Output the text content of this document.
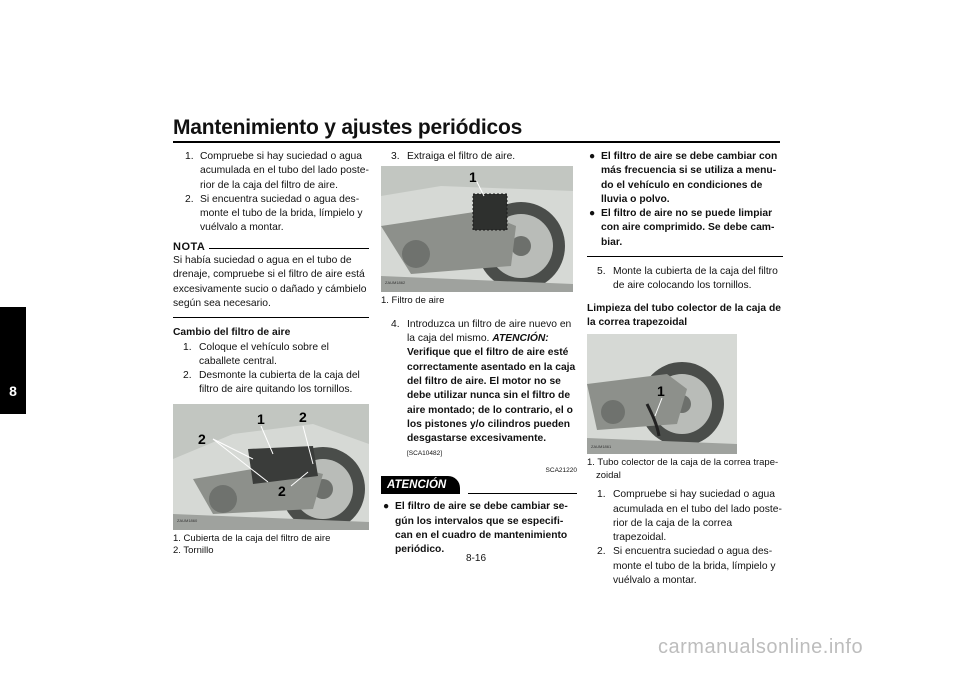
Mantenimiento y ajustes periódicos
8

1. Compruebe si hay suciedad o agua acumulada en el tubo del lado posterior de la caja del filtro de aire.

2. Si encuentra suciedad o agua desmonte el tubo de la brida, límpielo y vuélvalo a montar.

NOTA
Si había suciedad o agua en el tubo de drenaje, compruebe si el filtro de aire está excesivamente sucio o dañado y cámbielo según sea necesario.
Cambio del filtro de aire

1. Coloque el vehículo sobre el caballete central.

2. Desmonte la cubierta de la caja del filtro de aire quitando los tornillos.

2
1 2
2
ZAUM1860
1. Cubierta de la caja del filtro de aire
2. Tornillo

3. Extraiga el filtro de aire.

1
ZAUM1862
1. Filtro de aire

4. Introduzca un filtro de aire nuevo en la caja del mismo. ATENCIÓN: Verifique que el filtro de aire esté correctamente asentado en la caja del filtro de aire. El motor no se debe utilizar nunca sin el filtro de aire montado; de lo contrario, el o los pistones y/o cilindros pueden desgastarse excesivamente.[SCA10482]

SCA21220
ATENCIÓN
● El filtro de aire se debe cambiar según los intervalos que se especifican en el cuadro de mantenimiento periódico.
● El filtro de aire se debe cambiar con más frecuencia si se utiliza a menudo el vehículo en condiciones de lluvia o polvo.
● El filtro de aire no se puede limpiar con aire comprimido. Se debe cambiar.

5. Monte la cubierta de la caja del filtro de aire colocando los tornillos.

Limpieza del tubo colector de la caja de la correa trapezoidal
1
ZAUM1861
1. Tubo colector de la caja de la correa trape-
zoidal

1. Compruebe si hay suciedad o agua acumulada en el tubo del lado posterior de la caja de la correa trapezoidal.

2. Si encuentra suciedad o agua desmonte el tubo de la brida, límpielo y vuélvalo a montar.

8-16
carmanualsonline.info
